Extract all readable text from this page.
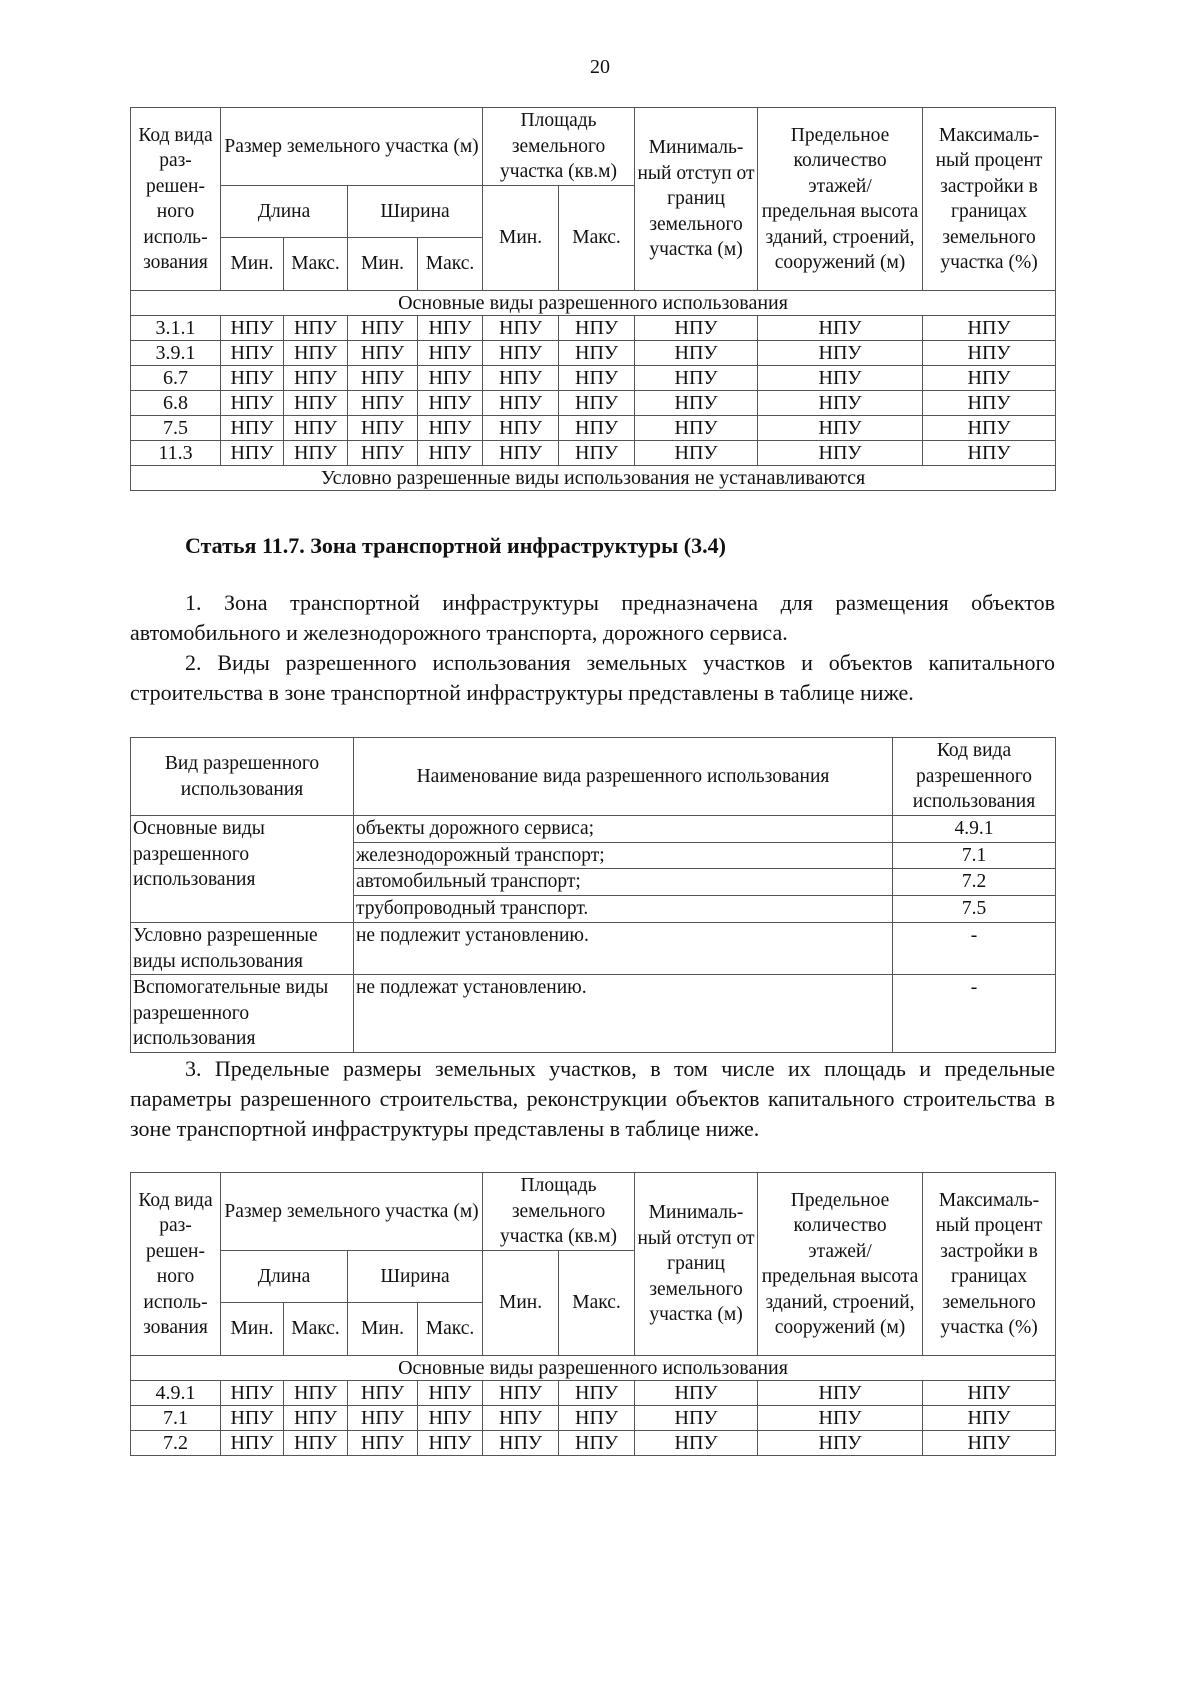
20
Код вида раз-решен-ного исполь-зования	Размер земельного участка (м)				Площадь земельного участка (кв.м)		Минималь-ный отступ от границ земельного участка (м)	Предельное количество этажей/ предельная высота зданий, строений, сооружений (м)	Максималь-ный процент застройки в границах земельного участка (%)
	Длина		Ширина		Мин.	Макс.			
	Мин.	Макс.	Мин.	Макс.					
Основные виды разрешенного использования									
3.1.1	НПУ	НПУ	НПУ	НПУ	НПУ	НПУ	НПУ	НПУ	НПУ
3.9.1	НПУ	НПУ	НПУ	НПУ	НПУ	НПУ	НПУ	НПУ	НПУ
6.7	НПУ	НПУ	НПУ	НПУ	НПУ	НПУ	НПУ	НПУ	НПУ
6.8	НПУ	НПУ	НПУ	НПУ	НПУ	НПУ	НПУ	НПУ	НПУ
7.5	НПУ	НПУ	НПУ	НПУ	НПУ	НПУ	НПУ	НПУ	НПУ
11.3	НПУ	НПУ	НПУ	НПУ	НПУ	НПУ	НПУ	НПУ	НПУ
Условно разрешенные виды использования не устанавливаются									
Статья 11.7. Зона транспортной инфраструктуры (3.4)

1. Зона транспортной инфраструктуры предназначена для размещения объектов автомобильного и железнодорожного транспорта, дорожного сервиса.

2. Виды разрешенного использования земельных участков и объектов капитального строительства в зоне транспортной инфраструктуры представлены в таблице ниже.

Вид разрешенного использования	Наименование вида разрешенного использования	Код вида разрешенного использования
Основные виды разрешенного использования	объекты дорожного сервиса;	4.9.1
	железнодорожный транспорт;	7.1
	автомобильный транспорт;	7.2
	трубопроводный транспорт.	7.5
Условно разрешенные виды использования	не подлежит установлению.	-
Вспомогательные виды разрешенного использования	не подлежат установлению.	-

3. Предельные размеры земельных участков, в том числе их площадь и предельные параметры разрешенного строительства, реконструкции объектов капитального строительства в зоне транспортной инфраструктуры представлены в таблице ниже.

Код вида раз-решен-ного исполь-зования	Размер земельного участка (м)				Площадь земельного участка (кв.м)		Минималь-ный отступ от границ земельного участка (м)	Предельное количество этажей/ предельная высота зданий, строений, сооружений (м)	Максималь-ный процент застройки в границах земельного участка (%)
	Длина		Ширина		Мин.	Макс.			
	Мин.	Макс.	Мин.	Макс.					
Основные виды разрешенного использования									
4.9.1	НПУ	НПУ	НПУ	НПУ	НПУ	НПУ	НПУ	НПУ	НПУ
7.1	НПУ	НПУ	НПУ	НПУ	НПУ	НПУ	НПУ	НПУ	НПУ
7.2	НПУ	НПУ	НПУ	НПУ	НПУ	НПУ	НПУ	НПУ	НПУ
